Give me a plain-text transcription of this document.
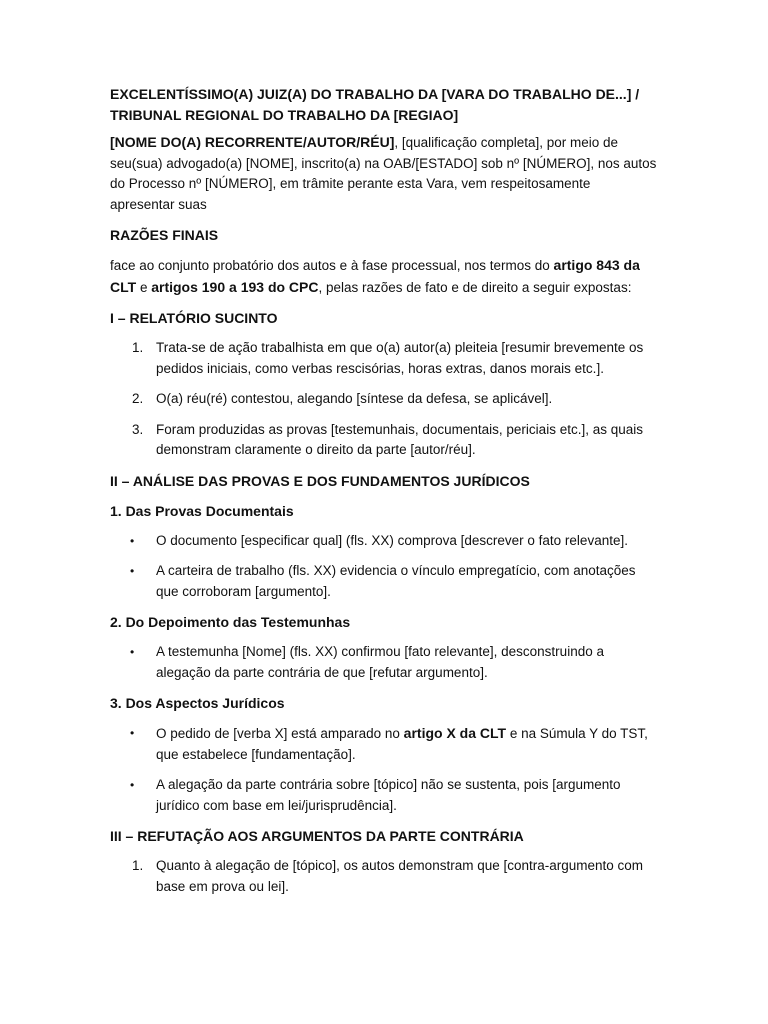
EXCELENTÍSSIMO(A) JUIZ(A) DO TRABALHO DA [VARA DO TRABALHO DE...] / TRIBUNAL REGIONAL DO TRABALHO DA [REGIAO]

[NOME DO(A) RECORRENTE/AUTOR/RÉU], [qualificação completa], por meio de seu(sua) advogado(a) [NOME], inscrito(a) na OAB/[ESTADO] sob nº [NÚMERO], nos autos do Processo nº [NÚMERO], em trâmite perante esta Vara, vem respeitosamente apresentar suas

RAZÕES FINAIS

face ao conjunto probatório dos autos e à fase processual, nos termos do artigo 843 da CLT e artigos 190 a 193 do CPC, pelas razões de fato e de direito a seguir expostas:

I – RELATÓRIO SUCINTO
1. Trata-se de ação trabalhista em que o(a) autor(a) pleiteia [resumir brevemente os pedidos iniciais, como verbas rescisórias, horas extras, danos morais etc.].
2. O(a) réu(ré) contestou, alegando [síntese da defesa, se aplicável].
3. Foram produzidas as provas [testemunhais, documentais, periciais etc.], as quais demonstram claramente o direito da parte [autor/réu].
II – ANÁLISE DAS PROVAS E DOS FUNDAMENTOS JURÍDICOS
1. Das Provas Documentais
•	O documento [especificar qual] (fls. XX) comprova [descrever o fato relevante].
•	A carteira de trabalho (fls. XX) evidencia o vínculo empregatício, com anotações que corroboram [argumento].
2. Do Depoimento das Testemunhas
•	A testemunha [Nome] (fls. XX) confirmou [fato relevante], desconstruindo a alegação da parte contrária de que [refutar argumento].
3. Dos Aspectos Jurídicos
•	O pedido de [verba X] está amparado no artigo X da CLT e na Súmula Y do TST, que estabelece [fundamentação].
•	A alegação da parte contrária sobre [tópico] não se sustenta, pois [argumento jurídico com base em lei/jurisprudência].
III – REFUTAÇÃO AOS ARGUMENTOS DA PARTE CONTRÁRIA
1. Quanto à alegação de [tópico], os autos demonstram que [contra-argumento com base em prova ou lei].
